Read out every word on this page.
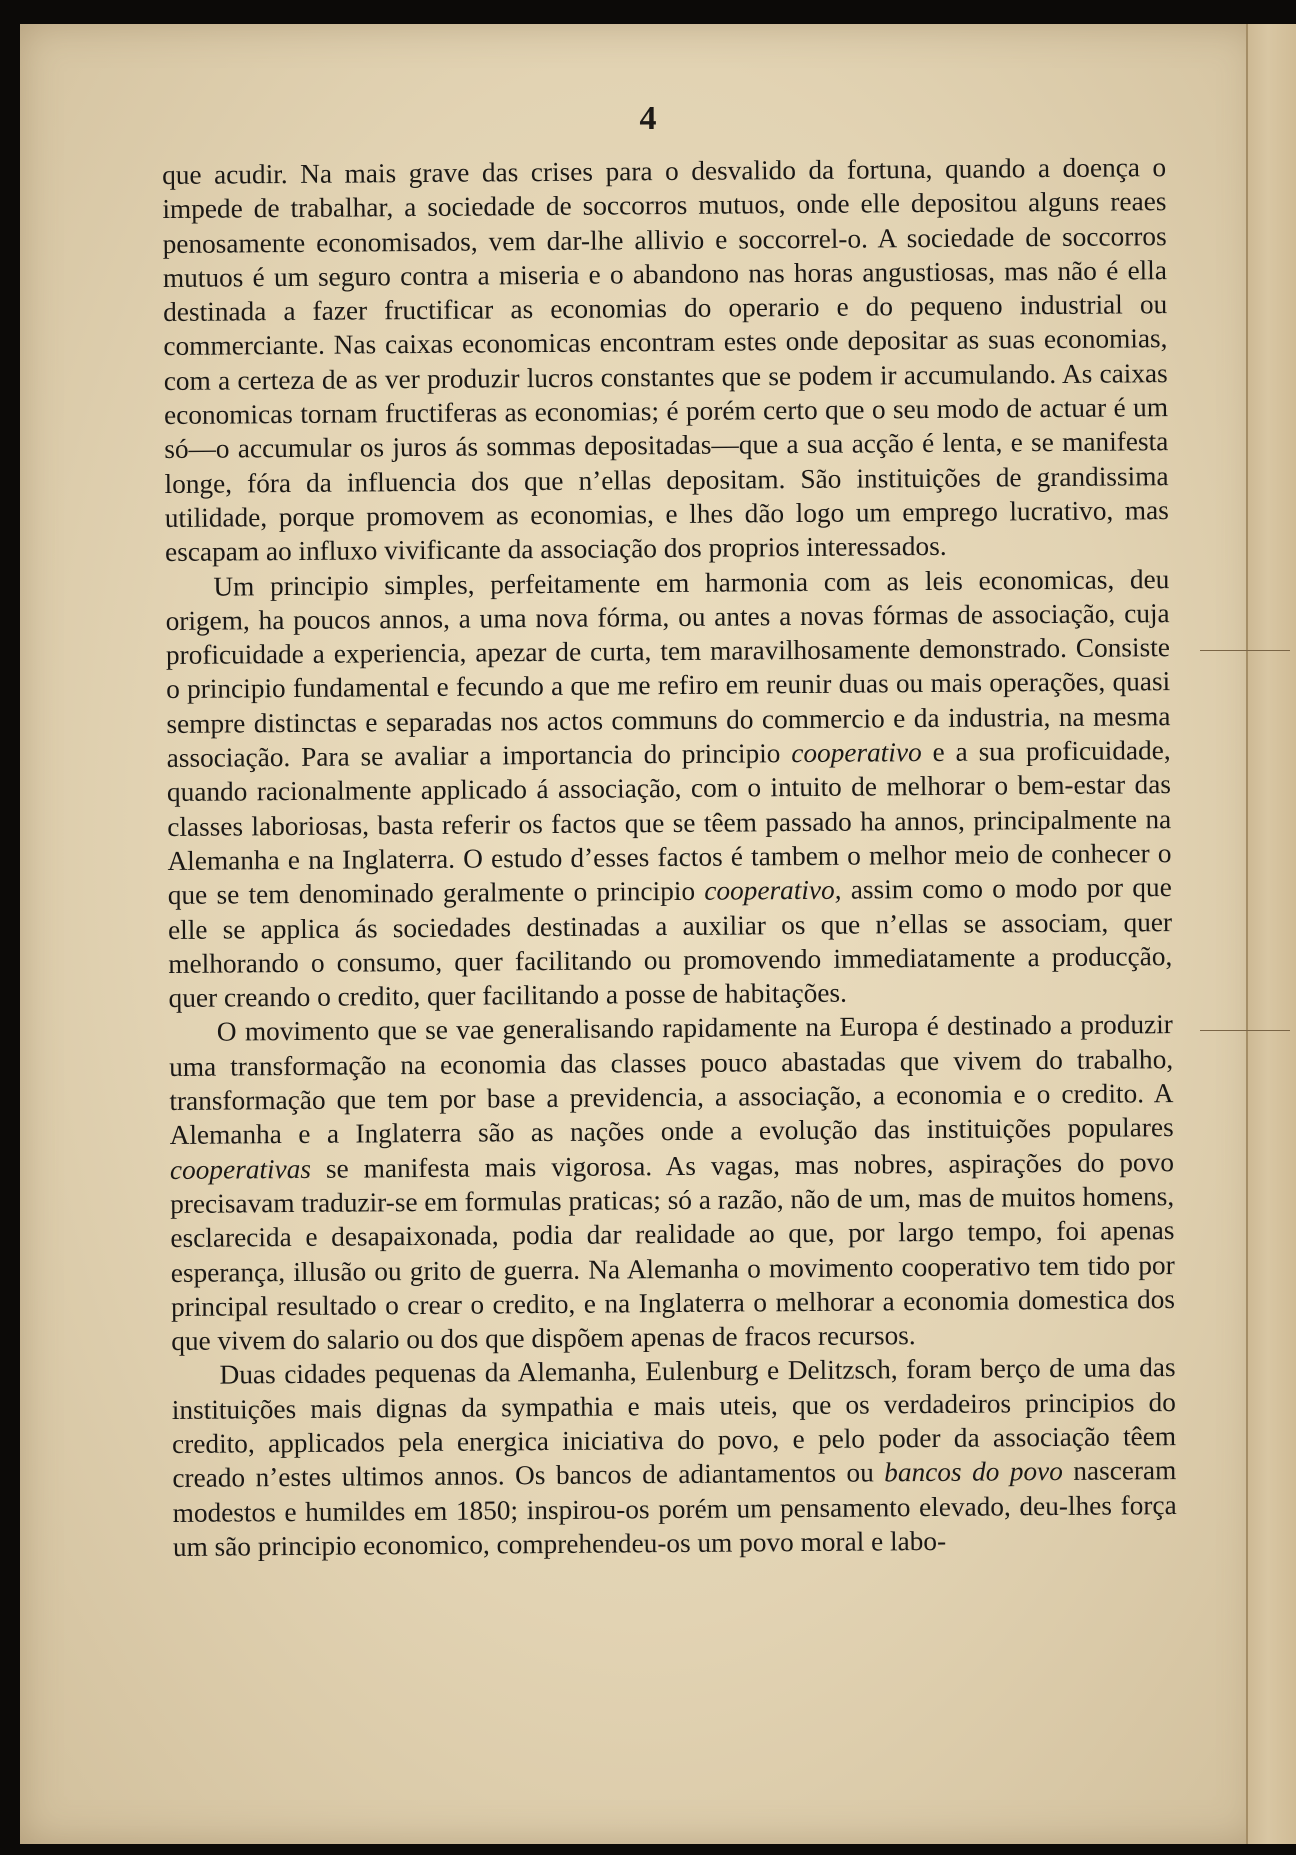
4

que acudir. Na mais grave das crises para o desvalido da fortuna, quando a doença o impede de trabalhar, a sociedade de soccorros mutuos, onde elle depositou alguns reaes penosamente economisados, vem dar-lhe allivio e soccorrel-o. A sociedade de soccorros mutuos é um seguro contra a miseria e o abandono nas horas angustiosas, mas não é ella destinada a fazer fructificar as economias do operario e do pequeno industrial ou commerciante. Nas caixas economicas encontram estes onde depositar as suas economias, com a certeza de as ver produzir lucros constantes que se podem ir accumulando. As caixas economicas tornam fructiferas as economias; é porém certo que o seu modo de actuar é um só—o accumular os juros ás sommas depositadas—que a sua acção é lenta, e se manifesta longe, fóra da influencia dos que n’ellas depositam. São instituições de grandissima utilidade, porque promovem as economias, e lhes dão logo um emprego lucrativo, mas escapam ao influxo vivificante da associação dos proprios interessados.

Um principio simples, perfeitamente em harmonia com as leis economicas, deu origem, ha poucos annos, a uma nova fórma, ou antes a novas fórmas de associação, cuja proficuidade a experiencia, apezar de curta, tem maravilhosamente demonstrado. Consiste o principio fundamental e fecundo a que me refiro em reunir duas ou mais operações, quasi sempre distinctas e separadas nos actos communs do commercio e da industria, na mesma associação. Para se avaliar a importancia do principio cooperativo e a sua proficuidade, quando racionalmente applicado á associação, com o intuito de melhorar o bem-estar das classes laboriosas, basta referir os factos que se têem passado ha annos, principalmente na Alemanha e na Inglaterra. O estudo d’esses factos é tambem o melhor meio de conhecer o que se tem denominado geralmente o principio cooperativo, assim como o modo por que elle se applica ás sociedades destinadas a auxiliar os que n’ellas se associam, quer melhorando o consumo, quer facilitando ou promovendo immediatamente a producção, quer creando o credito, quer facilitando a posse de habitações.

O movimento que se vae generalisando rapidamente na Europa é destinado a produzir uma transformação na economia das classes pouco abastadas que vivem do trabalho, transformação que tem por base a previdencia, a associação, a economia e o credito. A Alemanha e a Inglaterra são as nações onde a evolução das instituições populares cooperativas se manifesta mais vigorosa. As vagas, mas nobres, aspirações do povo precisavam traduzir-se em formulas praticas; só a razão, não de um, mas de muitos homens, esclarecida e desapaixonada, podia dar realidade ao que, por largo tempo, foi apenas esperança, illusão ou grito de guerra. Na Alemanha o movimento cooperativo tem tido por principal resultado o crear o credito, e na Inglaterra o melhorar a economia domestica dos que vivem do salario ou dos que dispõem apenas de fracos recursos.

Duas cidades pequenas da Alemanha, Eulenburg e Delitzsch, foram berço de uma das instituições mais dignas da sympathia e mais uteis, que os verdadeiros principios do credito, applicados pela energica iniciativa do povo, e pelo poder da associação têem creado n’estes ultimos annos. Os bancos de adiantamentos ou bancos do povo nasceram modestos e humildes em 1850; inspirou-os porém um pensamento elevado, deu-lhes força um são principio economico, comprehendeu-os um povo moral e labo-
